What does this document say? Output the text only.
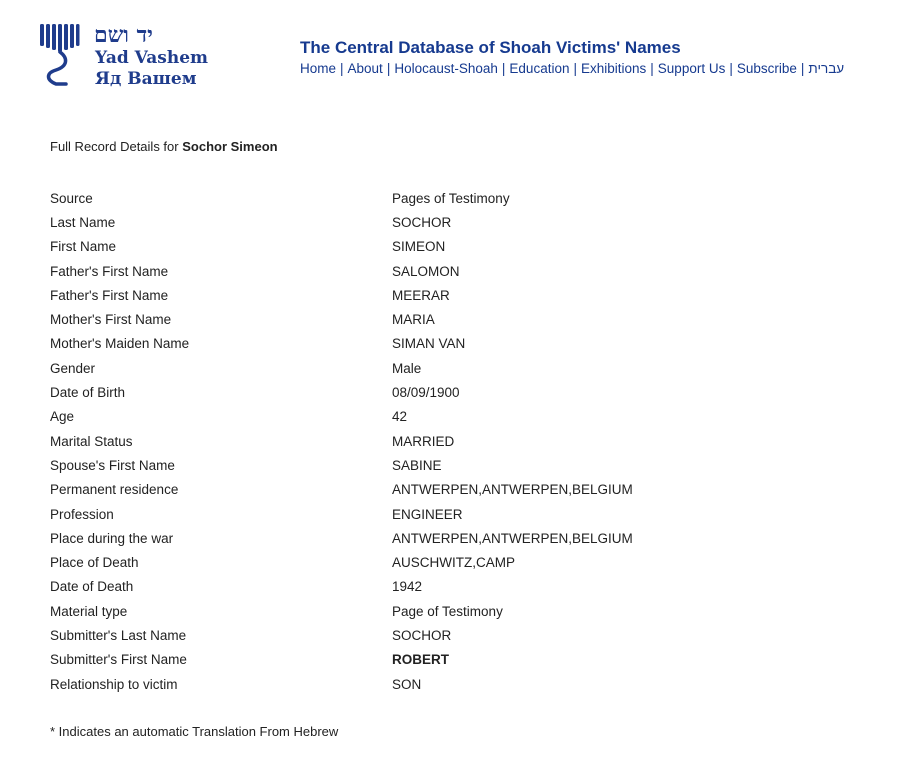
יד ושם
Yad Vashem
Яд Вашем
The Central Database of Shoah Victims' Names
Home | About | Holocaust-Shoah | Education | Exhibitions | Support Us | Subscribe | עברית
Full Record Details for Sochor Simeon
Source	Pages of Testimony
Last Name	SOCHOR
First Name	SIMEON
Father's First Name	SALOMON
Father's First Name	MEERAR
Mother's First Name	MARIA
Mother's Maiden Name	SIMAN VAN
Gender	Male
Date of Birth	08/09/1900
Age	42
Marital Status	MARRIED
Spouse's First Name	SABINE
Permanent residence	ANTWERPEN,ANTWERPEN,BELGIUM
Profession	ENGINEER
Place during the war	ANTWERPEN,ANTWERPEN,BELGIUM
Place of Death	AUSCHWITZ,CAMP
Date of Death	1942
Material type	Page of Testimony
Submitter's Last Name	SOCHOR
Submitter's First Name	ROBERT
Relationship to victim	SON
* Indicates an automatic Translation From Hebrew
